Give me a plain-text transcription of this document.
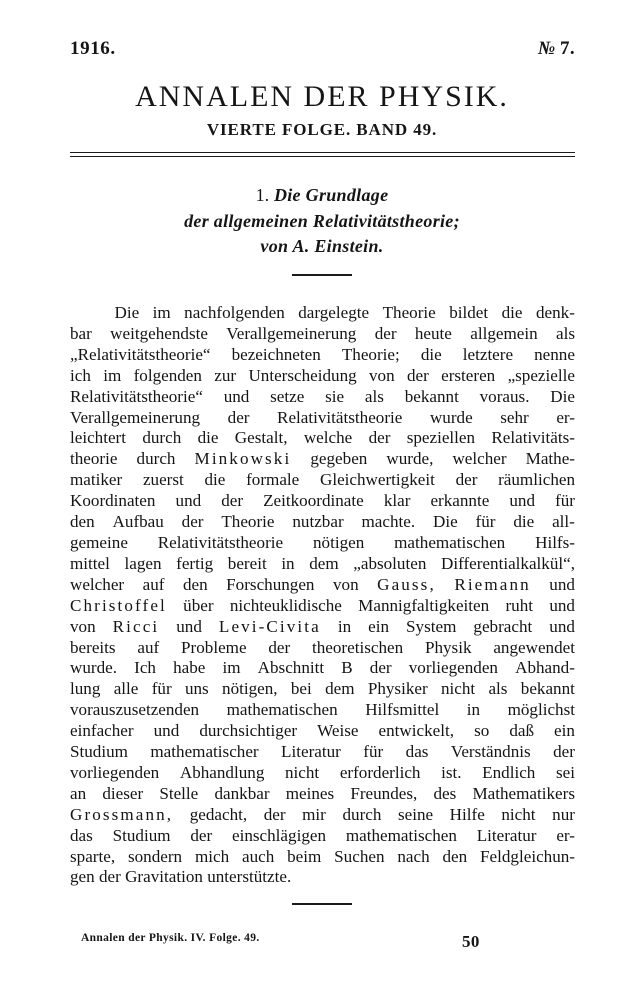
1916.	№ 7.
ANNALEN DER PHYSIK.
VIERTE FOLGE. BAND 49.
1. Die Grundlage
der allgemeinen Relativitätstheorie;
von A. Einstein.
Die im nachfolgenden dargelegte Theorie bildet die denk-
bar weitgehendste Verallgemeinerung der heute allgemein als
„Relativitätstheorie“ bezeichneten Theorie; die letztere nenne
ich im folgenden zur Unterscheidung von der ersteren „spezielle
Relativitätstheorie“ und setze sie als bekannt voraus. Die
Verallgemeinerung der Relativitätstheorie wurde sehr er-
leichtert durch die Gestalt, welche der speziellen Relativitäts-
theorie durch Minkowski gegeben wurde, welcher Mathe-
matiker zuerst die formale Gleichwertigkeit der räumlichen
Koordinaten und der Zeitkoordinate klar erkannte und für
den Aufbau der Theorie nutzbar machte. Die für die all-
gemeine Relativitätstheorie nötigen mathematischen Hilfs-
mittel lagen fertig bereit in dem „absoluten Differentialkalkül“,
welcher auf den Forschungen von Gauss, Riemann und
Christoffel über nichteuklidische Mannigfaltigkeiten ruht und
von Ricci und Levi-Civita in ein System gebracht und
bereits auf Probleme der theoretischen Physik angewendet
wurde. Ich habe im Abschnitt B der vorliegenden Abhand-
lung alle für uns nötigen, bei dem Physiker nicht als bekannt
vorauszusetzenden mathematischen Hilfsmittel in möglichst
einfacher und durchsichtiger Weise entwickelt, so daß ein
Studium mathematischer Literatur für das Verständnis der
vorliegenden Abhandlung nicht erforderlich ist. Endlich sei
an dieser Stelle dankbar meines Freundes, des Mathematikers
Grossmann, gedacht, der mir durch seine Hilfe nicht nur
das Studium der einschlägigen mathematischen Literatur er-
sparte, sondern mich auch beim Suchen nach den Feldgleichun-
gen der Gravitation unterstützte.
Annalen der Physik. IV. Folge. 49.	50
